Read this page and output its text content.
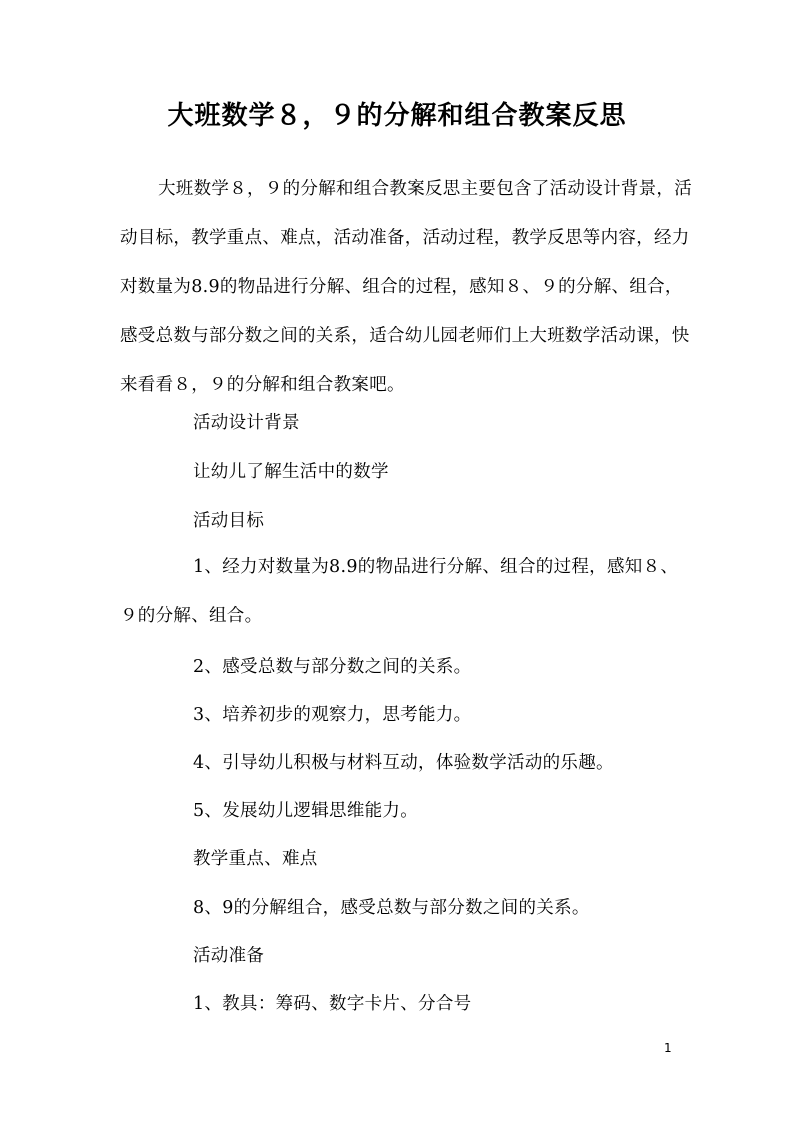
大班数学８，９的分解和组合教案反思
大班数学８，９的分解和组合教案反思主要包含了活动设计背景，活动目标，教学重点、难点，活动准备，活动过程，教学反思等内容，经力对数量为8.9的物品进行分解、组合的过程，感知８、９的分解、组合，感受总数与部分数之间的关系，适合幼儿园老师们上大班数学活动课，快来看看８，９的分解和组合教案吧。
活动设计背景
让幼儿了解生活中的数学
活动目标
1、经力对数量为8.9的物品进行分解、组合的过程，感知８、９的分解、组合。
2、感受总数与部分数之间的关系。
3、培养初步的观察力，思考能力。
4、引导幼儿积极与材料互动，体验数学活动的乐趣。
5、发展幼儿逻辑思维能力。
教学重点、难点
8、9的分解组合，感受总数与部分数之间的关系。
活动准备
1、教具：筹码、数字卡片、分合号
1
